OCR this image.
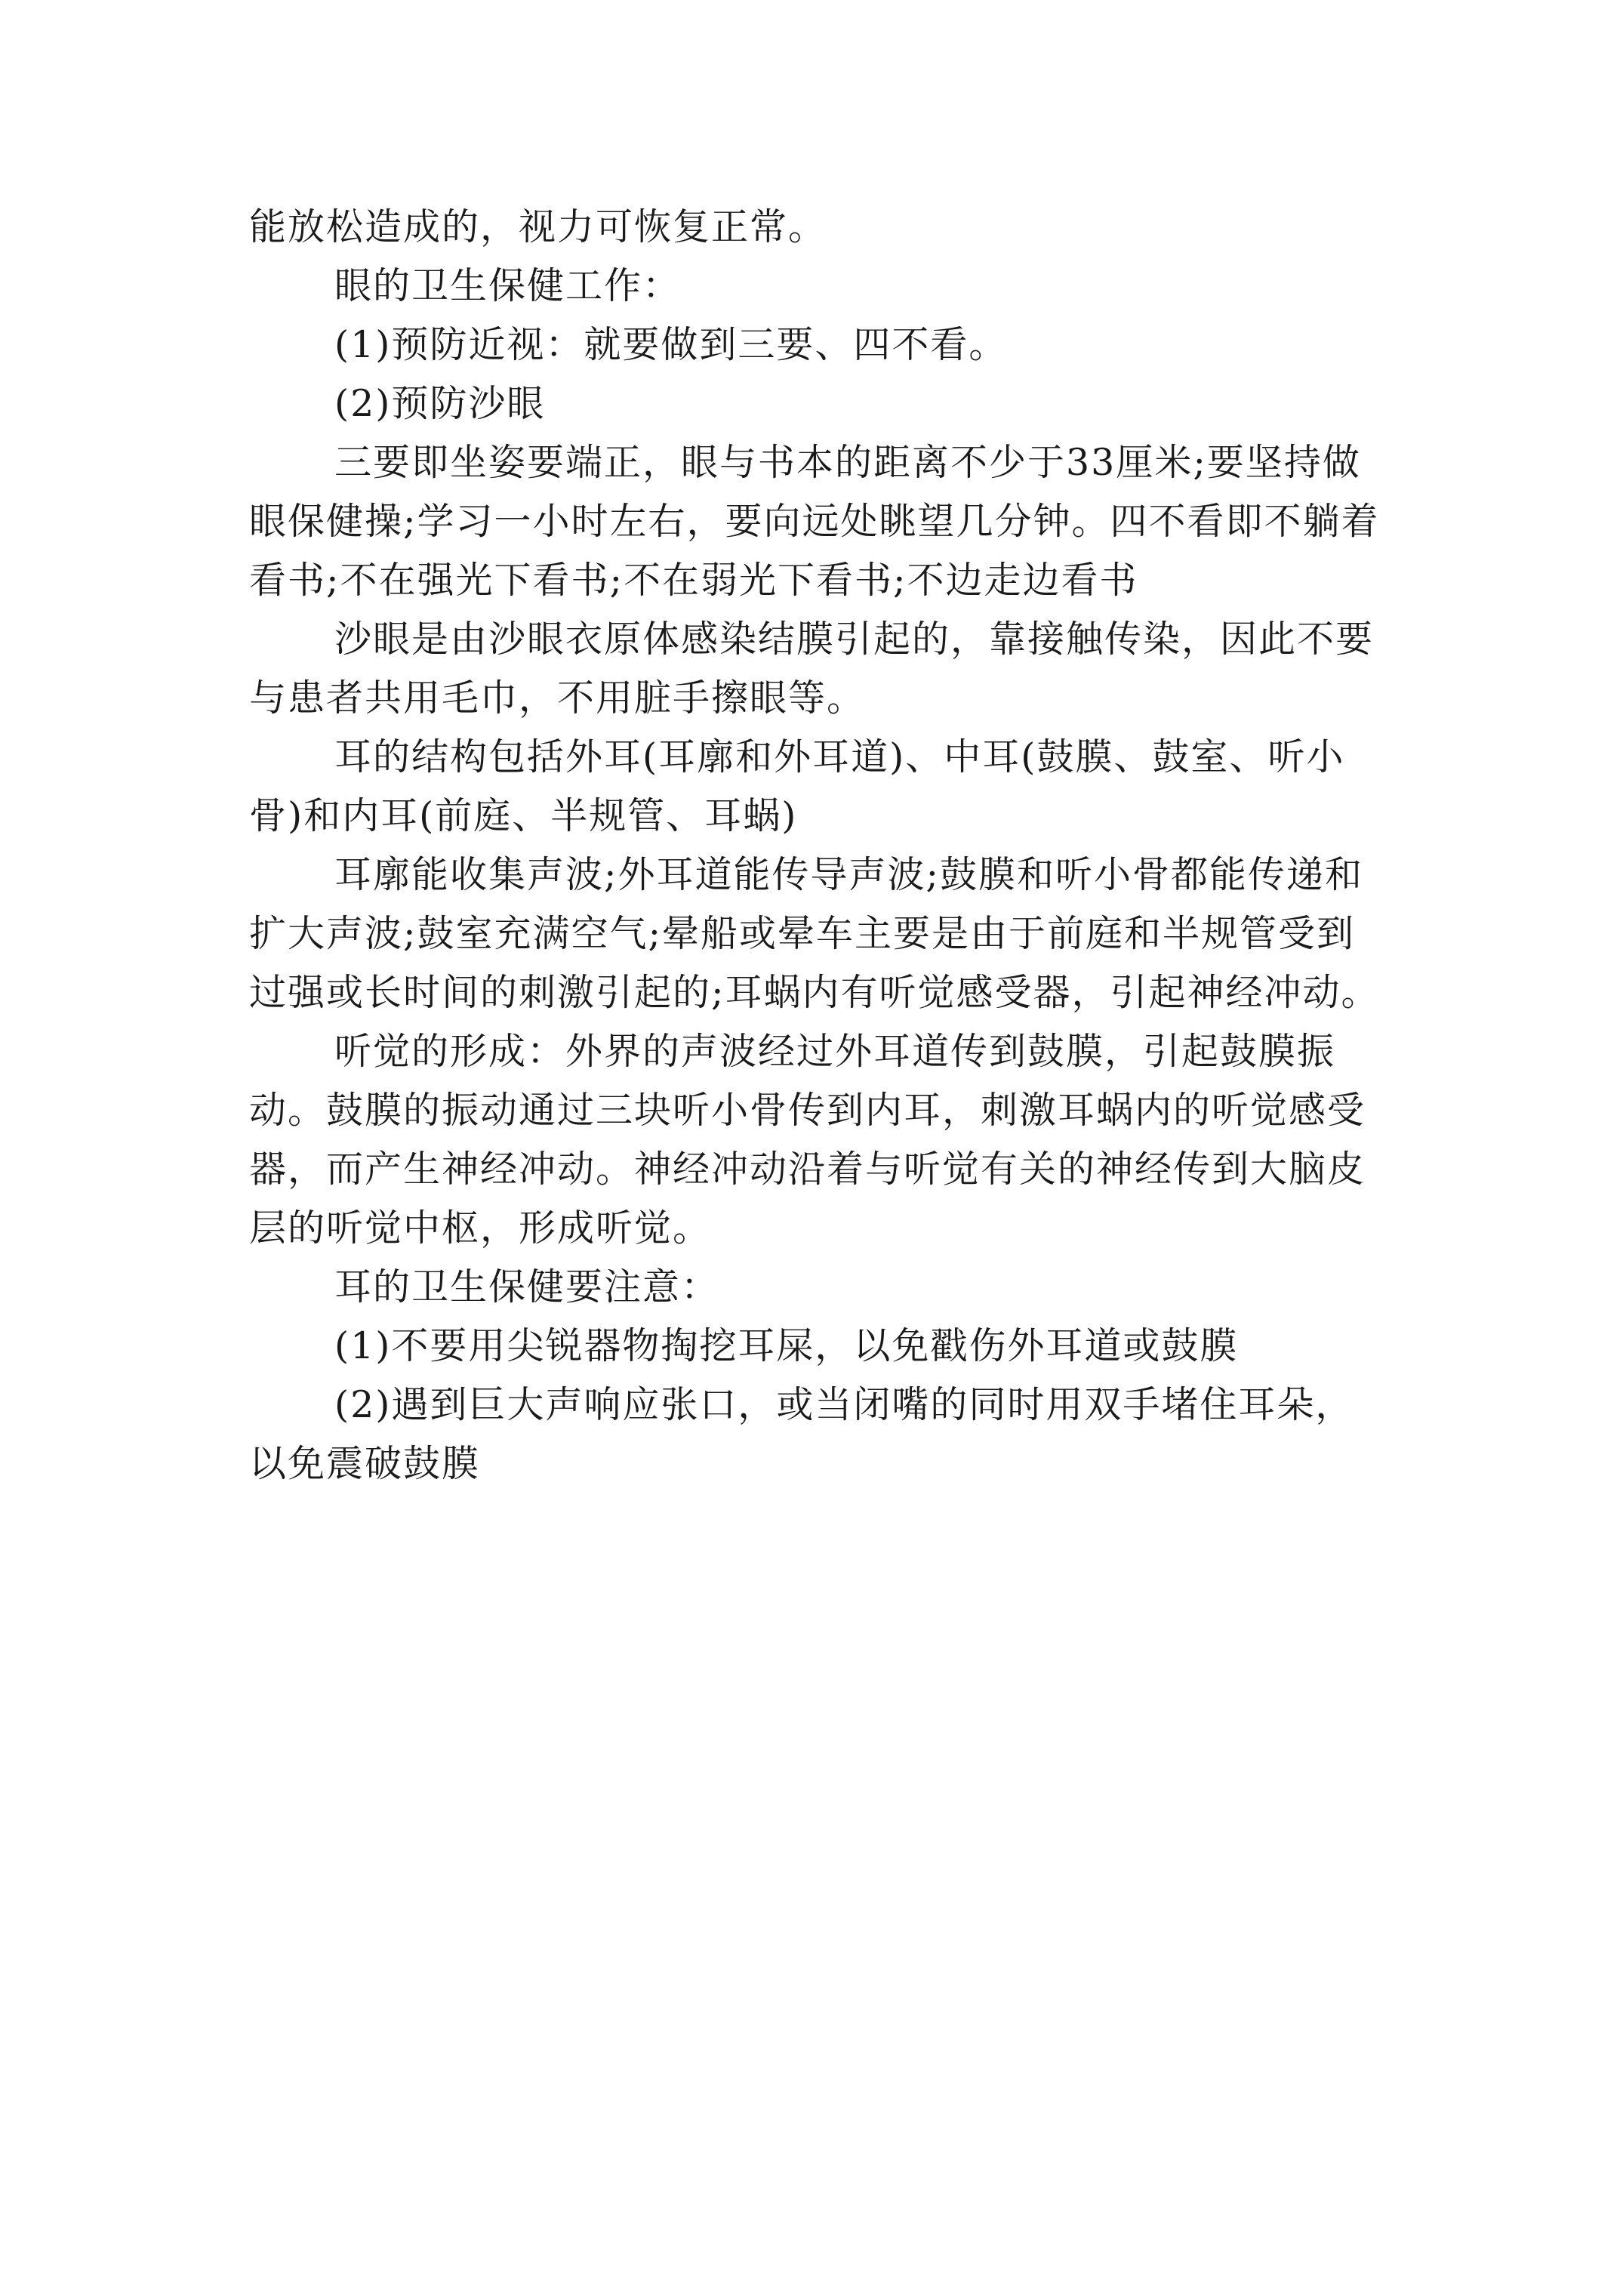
能放松造成的，视力可恢复正常。

眼的卫生保健工作：

(1)预防近视：就要做到三要、四不看。

(2)预防沙眼

三要即坐姿要端正，眼与书本的距离不少于33厘米;要坚持做眼保健操;学习一小时左右，要向远处眺望几分钟。四不看即不躺着看书;不在强光下看书;不在弱光下看书;不边走边看书

沙眼是由沙眼衣原体感染结膜引起的，靠接触传染，因此不要与患者共用毛巾，不用脏手擦眼等。

耳的结构包括外耳(耳廓和外耳道)、中耳(鼓膜、鼓室、听小骨)和内耳(前庭、半规管、耳蜗)

耳廓能收集声波;外耳道能传导声波;鼓膜和听小骨都能传递和扩大声波;鼓室充满空气;晕船或晕车主要是由于前庭和半规管受到过强或长时间的刺激引起的;耳蜗内有听觉感受器，引起神经冲动。

听觉的形成：外界的声波经过外耳道传到鼓膜，引起鼓膜振动。鼓膜的振动通过三块听小骨传到内耳，刺激耳蜗内的听觉感受器，而产生神经冲动。神经冲动沿着与听觉有关的神经传到大脑皮层的听觉中枢，形成听觉。

耳的卫生保健要注意：

(1)不要用尖锐器物掏挖耳屎，以免戳伤外耳道或鼓膜

(2)遇到巨大声响应张口，或当闭嘴的同时用双手堵住耳朵，以免震破鼓膜
